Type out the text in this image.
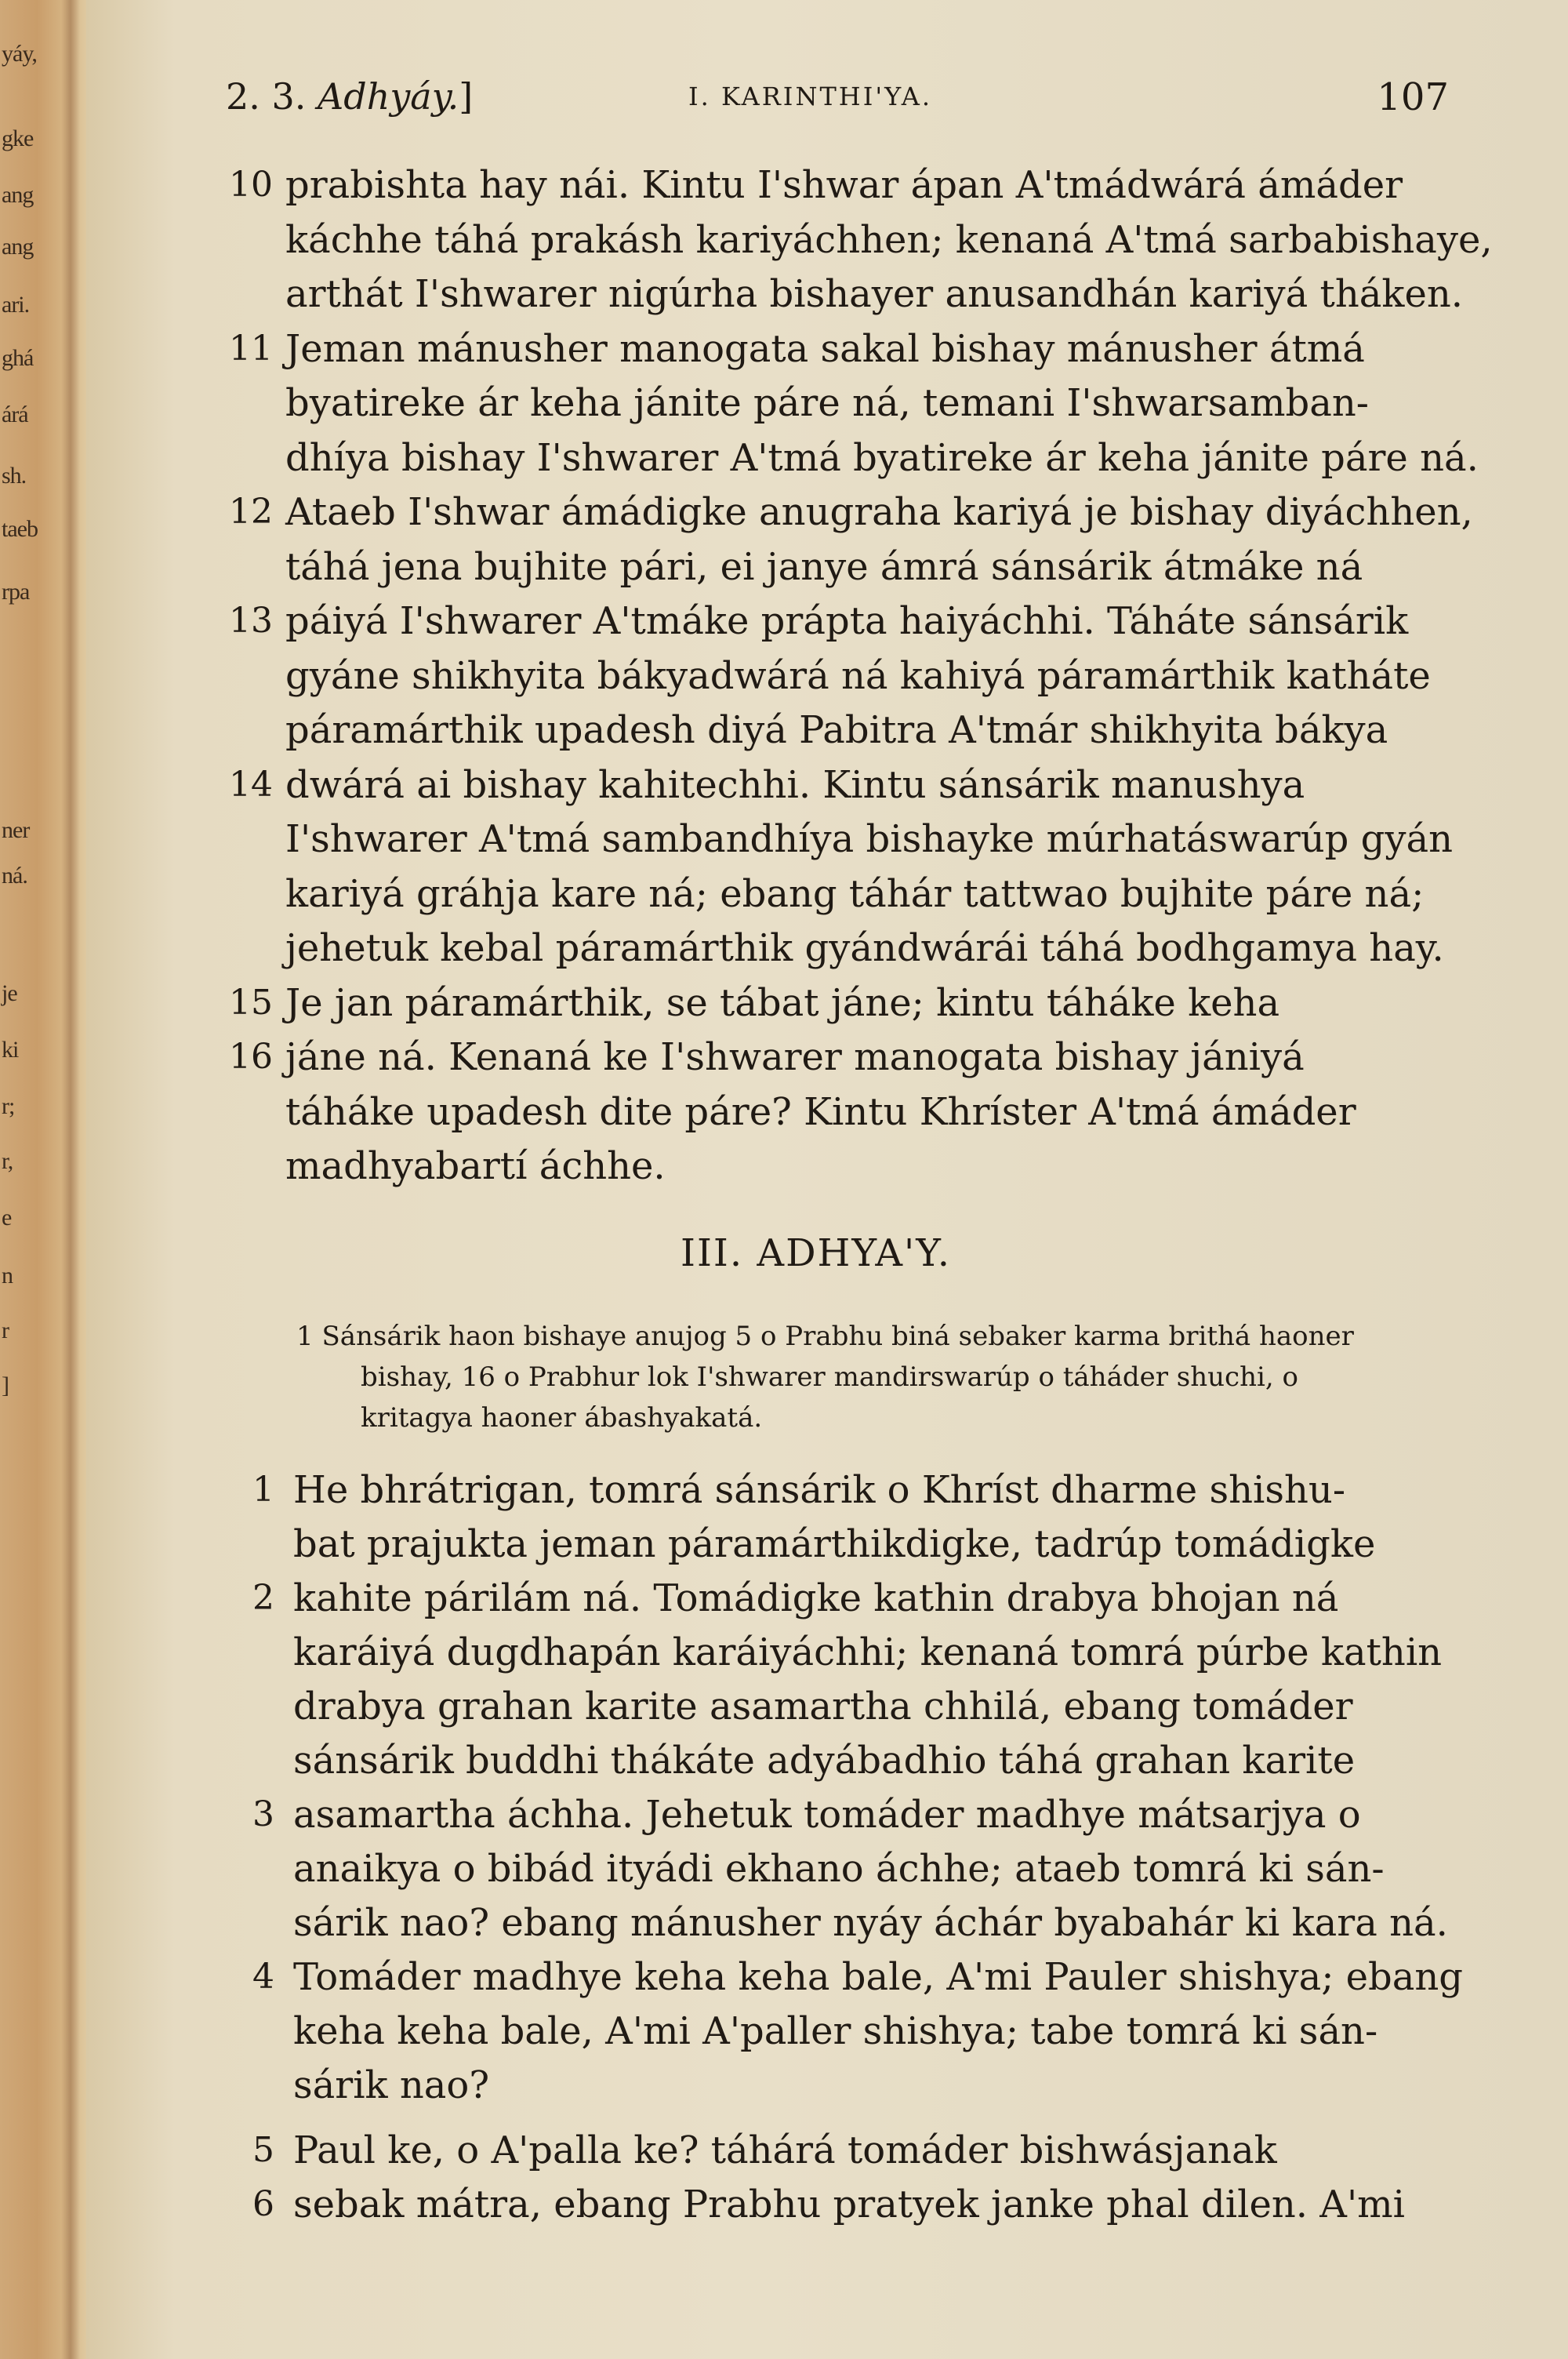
yáy,
gke
ang
ang
ari.
ghá
árá
sh.
taeb
rpa
ner
ná.
je
ki
r;
r,
e
n
r
]
2. 3. Adhyáy.]	I. KARINTHI'YA.	107
10 prabishta hay nái. Kintu I'shwar ápan A'tmádwárá ámáder
káchhe táhá prakásh kariyáchhen; kenaná A'tmá sarbabishaye,
arthát I'shwarer nigúrha bishayer anusandhán kariyá tháken.
11 Jeman mánusher manogata sakal bishay mánusher átmá
byatireke ár keha jánite páre ná, temani I'shwarsamban-
dhíya bishay I'shwarer A'tmá byatireke ár keha jánite páre ná.
12 Ataeb I'shwar ámádigke anugraha kariyá je bishay diyáchhen,
táhá jena bujhite pári, ei janye ámrá sánsárik átmáke ná
13 páiyá I'shwarer A'tmáke prápta haiyáchhi. Táháte sánsárik
gyáne shikhyita bákyadwárá ná kahiyá páramárthik katháte
páramárthik upadesh diyá Pabitra A'tmár shikhyita bákya
14 dwárá ai bishay kahitechhi. Kintu sánsárik manushya
I'shwarer A'tmá sambandhíya bishayke múrhatáswarúp gyán
kariyá gráhja kare ná; ebang táhár tattwao bujhite páre ná;
jehetuk kebal páramárthik gyándwárái táhá bodhgamya hay.
15 Je jan páramárthik, se tábat jáne; kintu táháke keha
16 jáne ná. Kenaná ke I'shwarer manogata bishay jániyá
táháke upadesh dite páre? Kintu Khríster A'tmá ámáder
madhyabartí áchhe.
III. ADHYA'Y.
1 Sánsárik haon bishaye anujog 5 o Prabhu biná sebaker karma brithá haoner
bishay, 16 o Prabhur lok I'shwarer mandirswarúp o táháder shuchi, o
kritagya haoner ábashyakatá.
1 He bhrátrigan, tomrá sánsárik o Khríst dharme shishu-
bat prajukta jeman páramárthikdigke, tadrúp tomádigke
2 kahite párilám ná. Tomádigke kathin drabya bhojan ná
karáiyá dugdhapán karáiyáchhi; kenaná tomrá púrbe kathin
drabya grahan karite asamartha chhilá, ebang tomáder
sánsárik buddhi thákáte adyábadhio táhá grahan karite
3 asamartha áchha. Jehetuk tomáder madhye mátsarjya o
anaikya o bibád ityádi ekhano áchhe; ataeb tomrá ki sán-
sárik nao? ebang mánusher nyáy áchár byabahár ki kara ná.
4 Tomáder madhye keha keha bale, A'mi Pauler shishya; ebang
keha keha bale, A'mi A'paller shishya; tabe tomrá ki sán-
sárik nao?
5 Paul ke, o A'palla ke? táhárá tomáder bishwásjanak
6 sebak mátra, ebang Prabhu pratyek janke phal dilen. A'mi
